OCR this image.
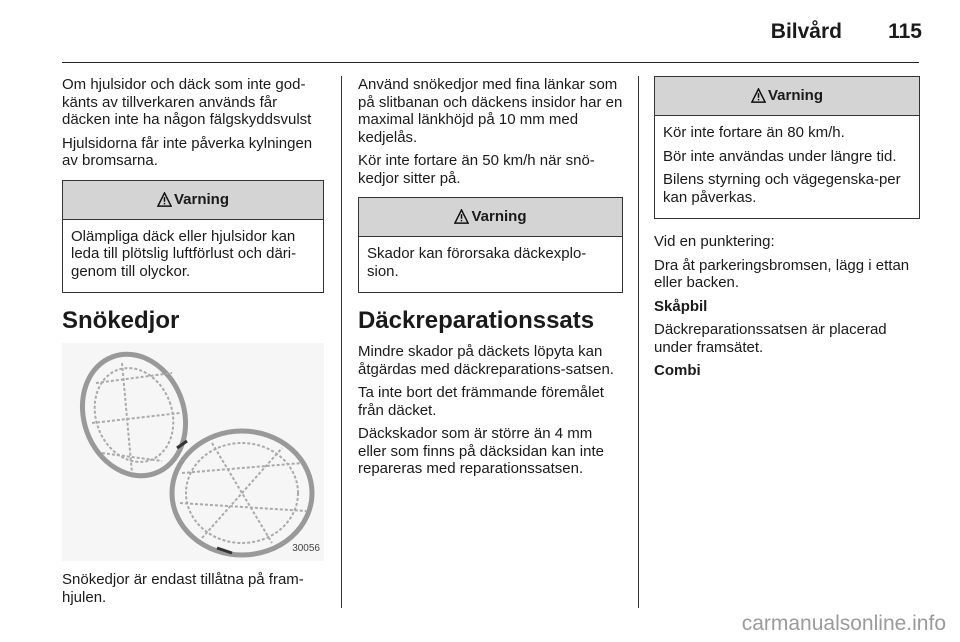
Bilvård 115

Om hjulsidor och däck som inte god-känts av tillverkaren används får däcken inte ha någon fälgskyddsvulst

Hjulsidorna får inte påverka kylningen av bromsarna.

Varning

Olämpliga däck eller hjulsidor kan leda till plötslig luftförlust och däri-genom till olyckor.

Snökedjor
30056

Snökedjor är endast tillåtna på fram-hjulen.

Använd snökedjor med fina länkar som på slitbanan och däckens insidor har en maximal länkhöjd på 10 mm med kedjelås.

Kör inte fortare än 50 km/h när snö-kedjor sitter på.

Varning

Skador kan förorsaka däckexplo-sion.

Däckreparationssats

Mindre skador på däckets löpyta kan åtgärdas med däckreparations-satsen.

Ta inte bort det främmande föremålet från däcket.

Däckskador som är större än 4 mm eller som finns på däcksidan kan inte repareras med reparationssatsen.

Varning

Kör inte fortare än 80 km/h.

Bör inte användas under längre tid.

Bilens styrning och vägegenska-per kan påverkas.

Vid en punktering:

Dra åt parkeringsbromsen, lägg i ettan eller backen.

Skåpbil

Däckreparationssatsen är placerad under framsätet.

Combi

carmanualsonline.info
